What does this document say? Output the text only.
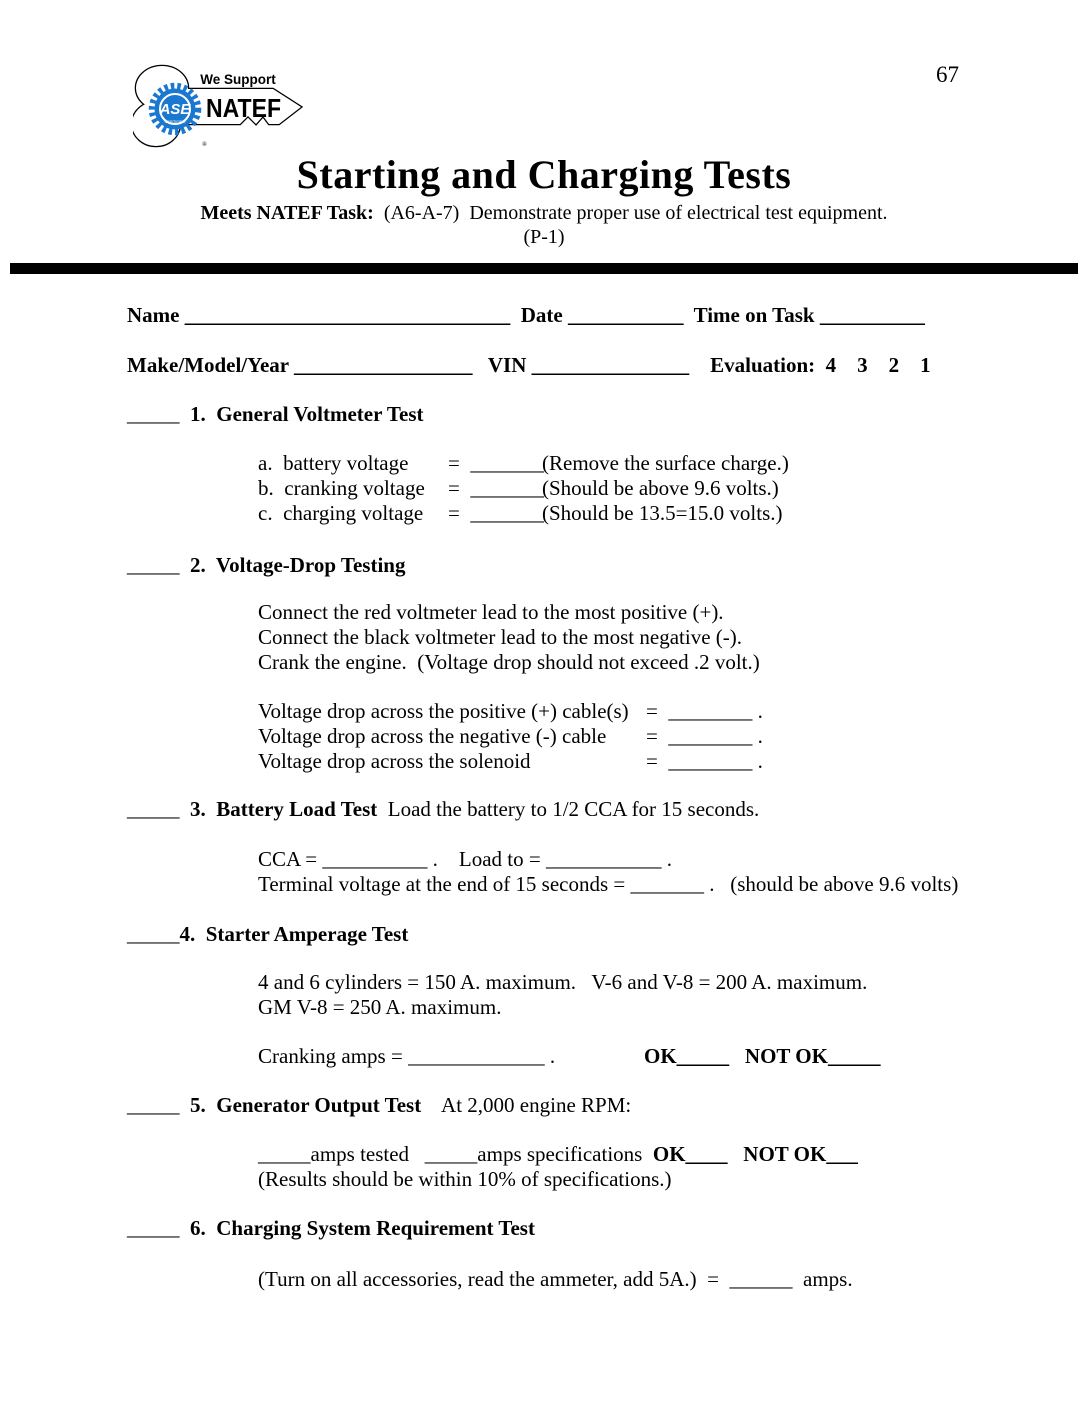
ASE
CERTIFIED
We Support
NATEF
®
67
Starting and Charging Tests
Meets NATEF Task:  (A6-A-7)  Demonstrate proper use of electrical test equipment.
(P-1)
Name _______________________________  Date ___________  Time on Task __________
Make/Model/Year _________________   VIN _______________    Evaluation:  4    3    2    1
_____  1.  General Voltmeter Test
a.  battery voltage	=  _______
(Remove the surface charge.)
b.  cranking voltage	=  _______
(Should be above 9.6 volts.)
c.  charging voltage	=  _______
(Should be 13.5=15.0 volts.)
_____  2.  Voltage-Drop Testing
Connect the red voltmeter lead to the most positive (+).
Connect the black voltmeter lead to the most negative (-).
Crank the engine.  (Voltage drop should not exceed .2 volt.)
Voltage drop across the positive (+) cable(s) =  ________ .
Voltage drop across the negative (-) cable	=  ________ .
Voltage drop across the solenoid	=  ________ .
_____  3.  Battery Load Test  Load the battery to 1/2 CCA for 15 seconds.
CCA = __________ .    Load to = ___________ .
Terminal voltage at the end of 15 seconds = _______ .   (should be above 9.6 volts)
_____4.  Starter Amperage Test
4 and 6 cylinders = 150 A. maximum.   V-6 and V-8 = 200 A. maximum.
GM V-8 = 250 A. maximum.
Cranking amps = _____________ .	OK_____   NOT OK_____
_____  5.  Generator Output Test    At 2,000 engine RPM:
_____amps tested   _____amps specifications  OK____   NOT OK___
(Results should be within 10% of specifications.)
_____  6.  Charging System Requirement Test
(Turn on all accessories, read the ammeter, add 5A.)  =  ______  amps.
